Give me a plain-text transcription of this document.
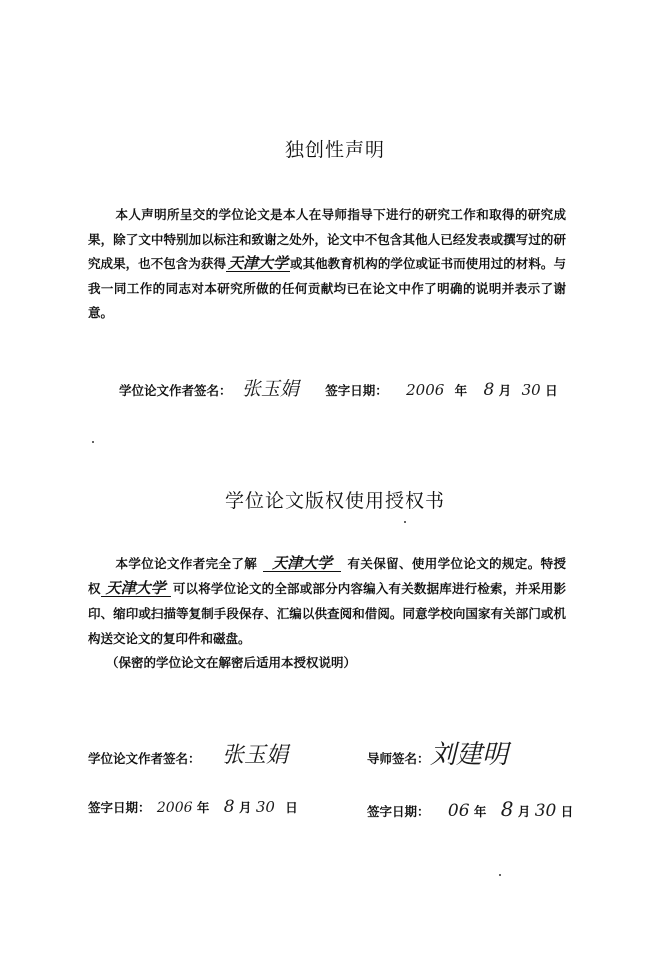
独创性声明

本人声明所呈交的学位论文是本人在导师指导下进行的研究工作和取得的研究成果，除了文中特别加以标注和致谢之处外，论文中不包含其他人已经发表或撰写过的研究成果，也不包含为获得 天津大学 或其他教育机构的学位或证书而使用过的材料。与我一同工作的同志对本研究所做的任何贡献均已在论文中作了明确的说明并表示了谢意。

学位论文作者签名： 张玉娟 签字日期： 2006 年 8 月 30 日
学位论文版权使用授权书

本学位论文作者完全了解 天津大学 有关保留、使用学位论文的规定。特授权 天津大学 可以将学位论文的全部或部分内容编入有关数据库进行检索，并采用影印、缩印或扫描等复制手段保存、汇编以供查阅和借阅。同意学校向国家有关部门或机构送交论文的复印件和磁盘。

（保密的学位论文在解密后适用本授权说明）
学位论文作者签名： 张玉娟	导师签名： 刘建明
签字日期： 2006 年 8 月 30 日	签字日期： 06 年 8 月 30 日
